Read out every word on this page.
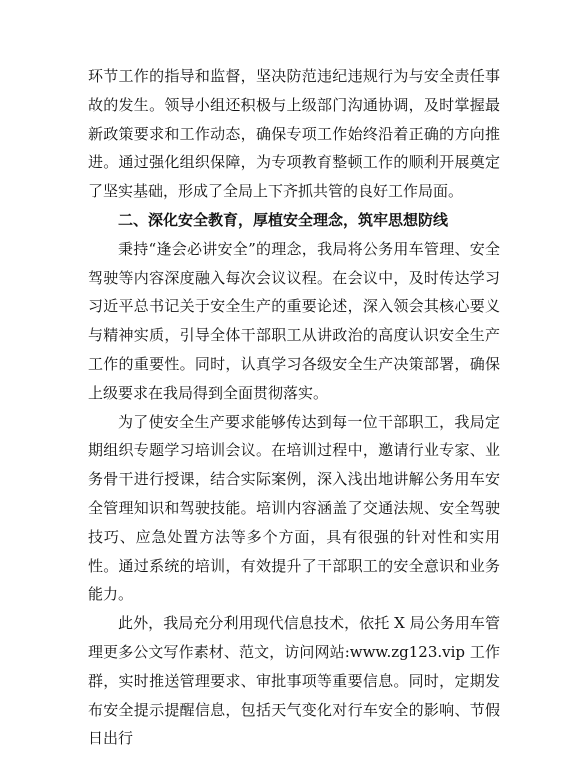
环节工作的指导和监督，坚决防范违纪违规行为与安全责任事故的发生。领导小组还积极与上级部门沟通协调，及时掌握最新政策要求和工作动态，确保专项工作始终沿着正确的方向推进。通过强化组织保障，为专项教育整顿工作的顺利开展奠定了坚实基础，形成了全局上下齐抓共管的良好工作局面。

二、深化安全教育，厚植安全理念，筑牢思想防线

秉持“逢会必讲安全”的理念，我局将公务用车管理、安全驾驶等内容深度融入每次会议议程。在会议中，及时传达学习习近平总书记关于安全生产的重要论述，深入领会其核心要义与精神实质，引导全体干部职工从讲政治的高度认识安全生产工作的重要性。同时，认真学习各级安全生产决策部署，确保上级要求在我局得到全面贯彻落实。

为了使安全生产要求能够传达到每一位干部职工，我局定期组织专题学习培训会议。在培训过程中，邀请行业专家、业务骨干进行授课，结合实际案例，深入浅出地讲解公务用车安全管理知识和驾驶技能。培训内容涵盖了交通法规、安全驾驶技巧、应急处置方法等多个方面，具有很强的针对性和实用性。通过系统的培训，有效提升了干部职工的安全意识和业务能力。

此外，我局充分利用现代信息技术，依托 X 局公务用车管理更多公文写作素材、范文，访问网站:www.zg123.vip 工作群，实时推送管理要求、审批事项等重要信息。同时，定期发布安全提示提醒信息，包括天气变化对行车安全的影响、节假日出行
